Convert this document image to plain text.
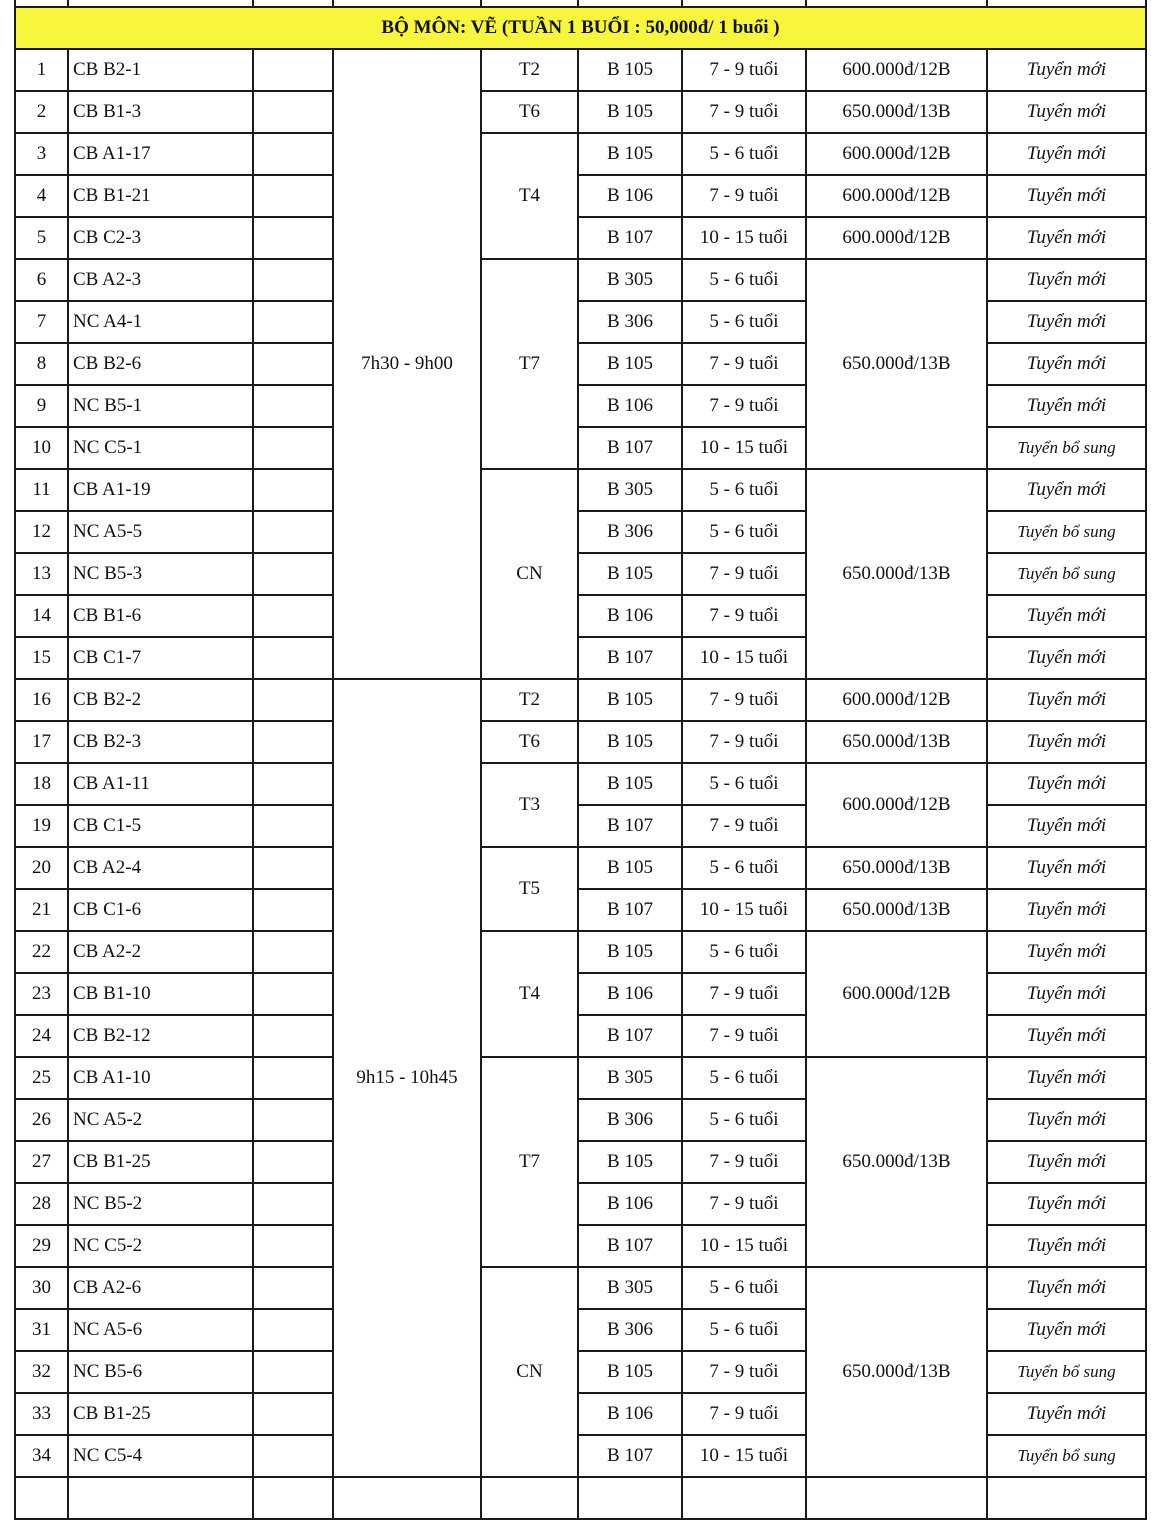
BỘ MÔN: VẼ (TUẦN 1 BUỔI : 50,000đ/ 1 buổi )								
1	CB B2-1		7h30 - 9h00	T2	B 105	7 - 9 tuổi	600.000đ/12B	Tuyển mới
2	CB B1-3			T6	B 105	7 - 9 tuổi	650.000đ/13B	Tuyển mới
3	CB A1-17			T4	B 105	5 - 6 tuổi	600.000đ/12B	Tuyển mới
4	CB B1-21				B 106	7 - 9 tuổi	600.000đ/12B	Tuyển mới
5	CB C2-3				B 107	10 - 15 tuổi	600.000đ/12B	Tuyển mới
6	CB A2-3			T7	B 305	5 - 6 tuổi	650.000đ/13B	Tuyển mới
7	NC A4-1				B 306	5 - 6 tuổi		Tuyển mới
8	CB B2-6				B 105	7 - 9 tuổi		Tuyển mới
9	NC B5-1				B 106	7 - 9 tuổi		Tuyển mới
10	NC C5-1				B 107	10 - 15 tuổi		Tuyển bổ sung
11	CB A1-19			CN	B 305	5 - 6 tuổi	650.000đ/13B	Tuyển mới
12	NC A5-5				B 306	5 - 6 tuổi		Tuyển bổ sung
13	NC B5-3				B 105	7 - 9 tuổi		Tuyển bổ sung
14	CB B1-6				B 106	7 - 9 tuổi		Tuyển mới
15	CB C1-7				B 107	10 - 15 tuổi		Tuyển mới
16	CB B2-2		9h15 - 10h45	T2	B 105	7 - 9 tuổi	600.000đ/12B	Tuyển mới
17	CB B2-3			T6	B 105	7 - 9 tuổi	650.000đ/13B	Tuyển mới
18	CB A1-11			T3	B 105	5 - 6 tuổi	600.000đ/12B	Tuyển mới
19	CB C1-5				B 107	7 - 9 tuổi		Tuyển mới
20	CB A2-4			T5	B 105	5 - 6 tuổi	650.000đ/13B	Tuyển mới
21	CB C1-6				B 107	10 - 15 tuổi	650.000đ/13B	Tuyển mới
22	CB A2-2			T4	B 105	5 - 6 tuổi	600.000đ/12B	Tuyển mới
23	CB B1-10				B 106	7 - 9 tuổi		Tuyển mới
24	CB B2-12				B 107	7 - 9 tuổi		Tuyển mới
25	CB A1-10			T7	B 305	5 - 6 tuổi	650.000đ/13B	Tuyển mới
26	NC A5-2				B 306	5 - 6 tuổi		Tuyển mới
27	CB B1-25				B 105	7 - 9 tuổi		Tuyển mới
28	NC B5-2				B 106	7 - 9 tuổi		Tuyển mới
29	NC C5-2				B 107	10 - 15 tuổi		Tuyển mới
30	CB A2-6			CN	B 305	5 - 6 tuổi	650.000đ/13B	Tuyển mới
31	NC A5-6				B 306	5 - 6 tuổi		Tuyển mới
32	NC B5-6				B 105	7 - 9 tuổi		Tuyển bổ sung
33	CB B1-25				B 106	7 - 9 tuổi		Tuyển mới
34	NC C5-4				B 107	10 - 15 tuổi		Tuyển bổ sung
